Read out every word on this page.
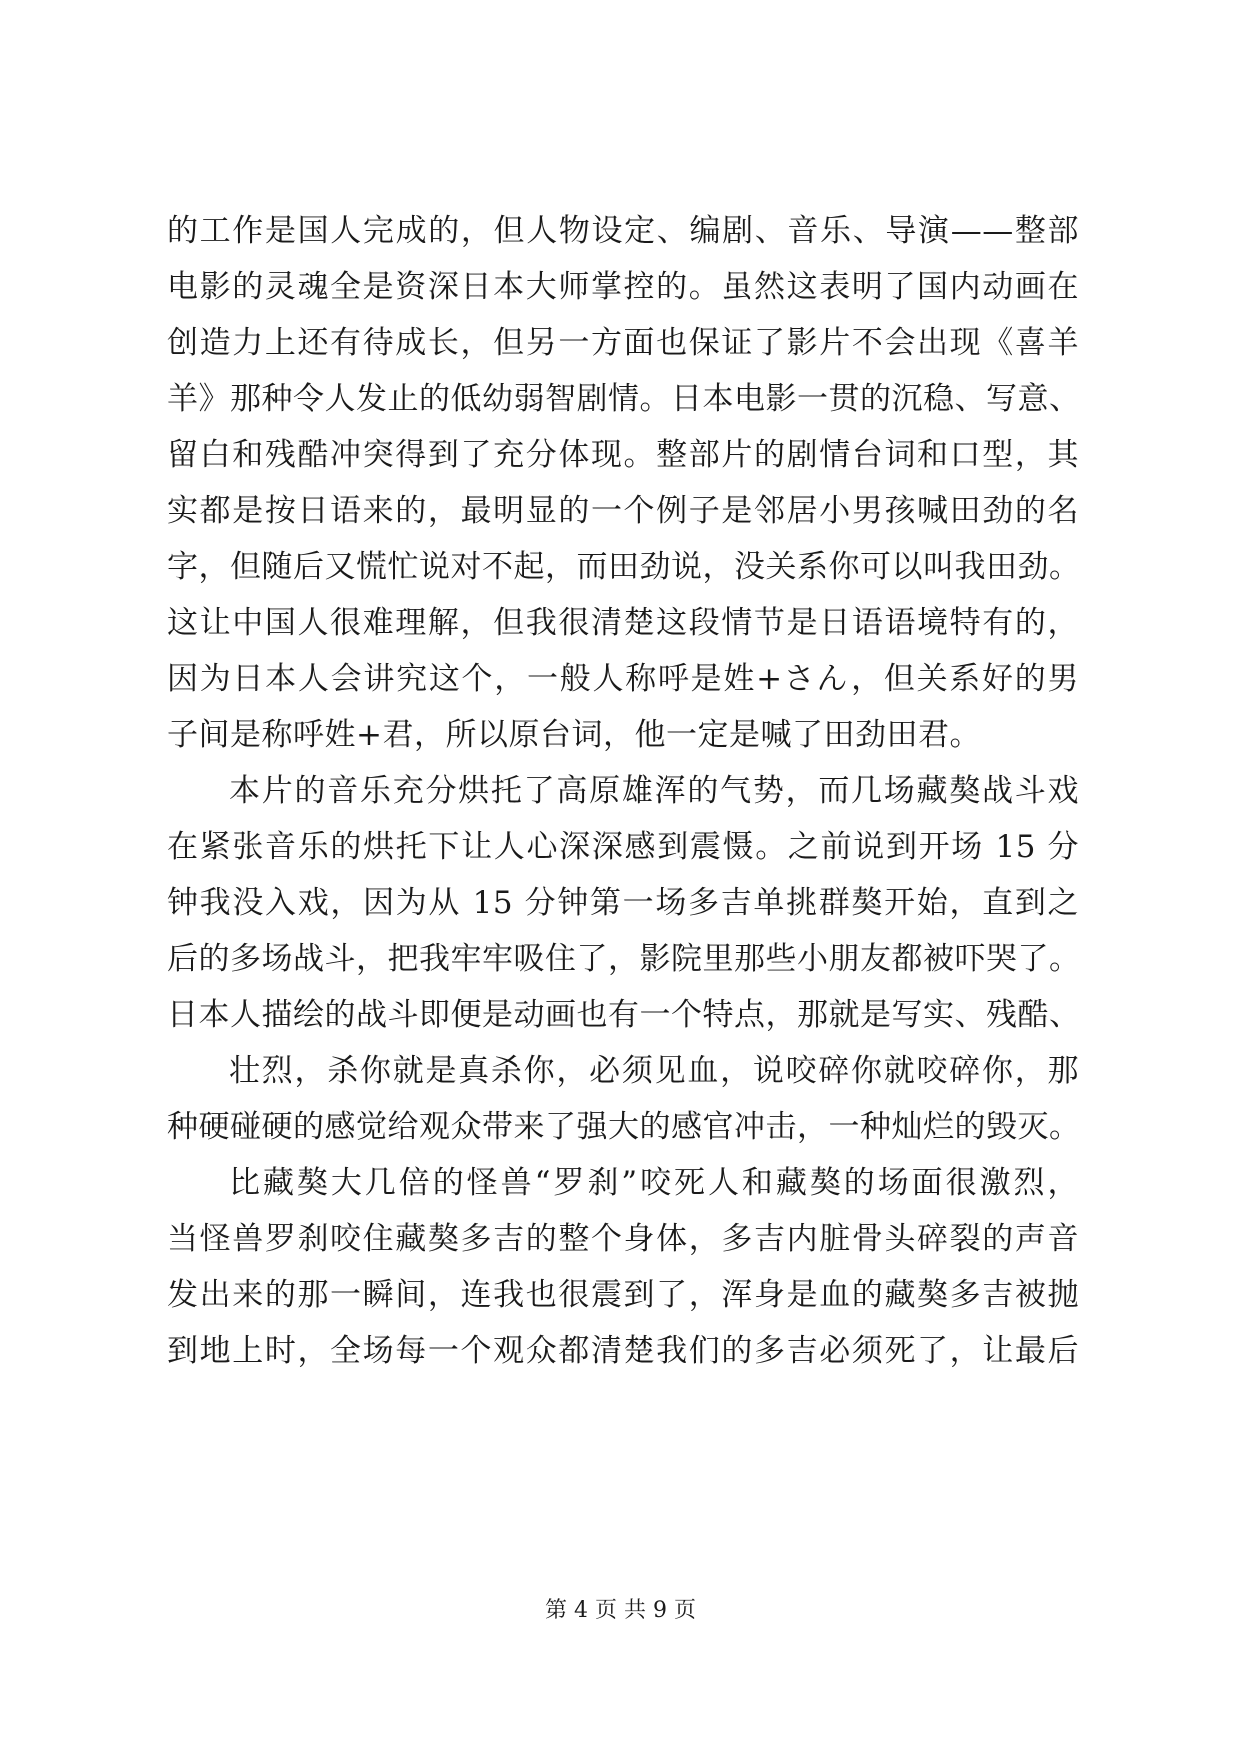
的工作是国人完成的，但人物设定、编剧、音乐、导演——整部
电影的灵魂全是资深日本大师掌控的。虽然这表明了国内动画在
创造力上还有待成长，但另一方面也保证了影片不会出现《喜羊
羊》那种令人发止的低幼弱智剧情。日本电影一贯的沉稳、写意、
留白和残酷冲突得到了充分体现。整部片的剧情台词和口型，其
实都是按日语来的，最明显的一个例子是邻居小男孩喊田劲的名
字，但随后又慌忙说对不起，而田劲说，没关系你可以叫我田劲。
这让中国人很难理解，但我很清楚这段情节是日语语境特有的，
因为日本人会讲究这个，一般人称呼是姓+さん，但关系好的男
子间是称呼姓+君，所以原台词，他一定是喊了田劲田君。
本片的音乐充分烘托了高原雄浑的气势，而几场藏獒战斗戏
在紧张音乐的烘托下让人心深深感到震慑。之前说到开场 15 分
钟我没入戏，因为从 15 分钟第一场多吉单挑群獒开始，直到之
后的多场战斗，把我牢牢吸住了，影院里那些小朋友都被吓哭了。
日本人描绘的战斗即便是动画也有一个特点，那就是写实、残酷、
壮烈，杀你就是真杀你，必须见血，说咬碎你就咬碎你，那
种硬碰硬的感觉给观众带来了强大的感官冲击，一种灿烂的毁灭。
比藏獒大几倍的怪兽“罗刹”咬死人和藏獒的场面很激烈，
当怪兽罗刹咬住藏獒多吉的整个身体，多吉内脏骨头碎裂的声音
发出来的那一瞬间，连我也很震到了，浑身是血的藏獒多吉被抛
到地上时，全场每一个观众都清楚我们的多吉必须死了，让最后
第 4 页 共 9 页
